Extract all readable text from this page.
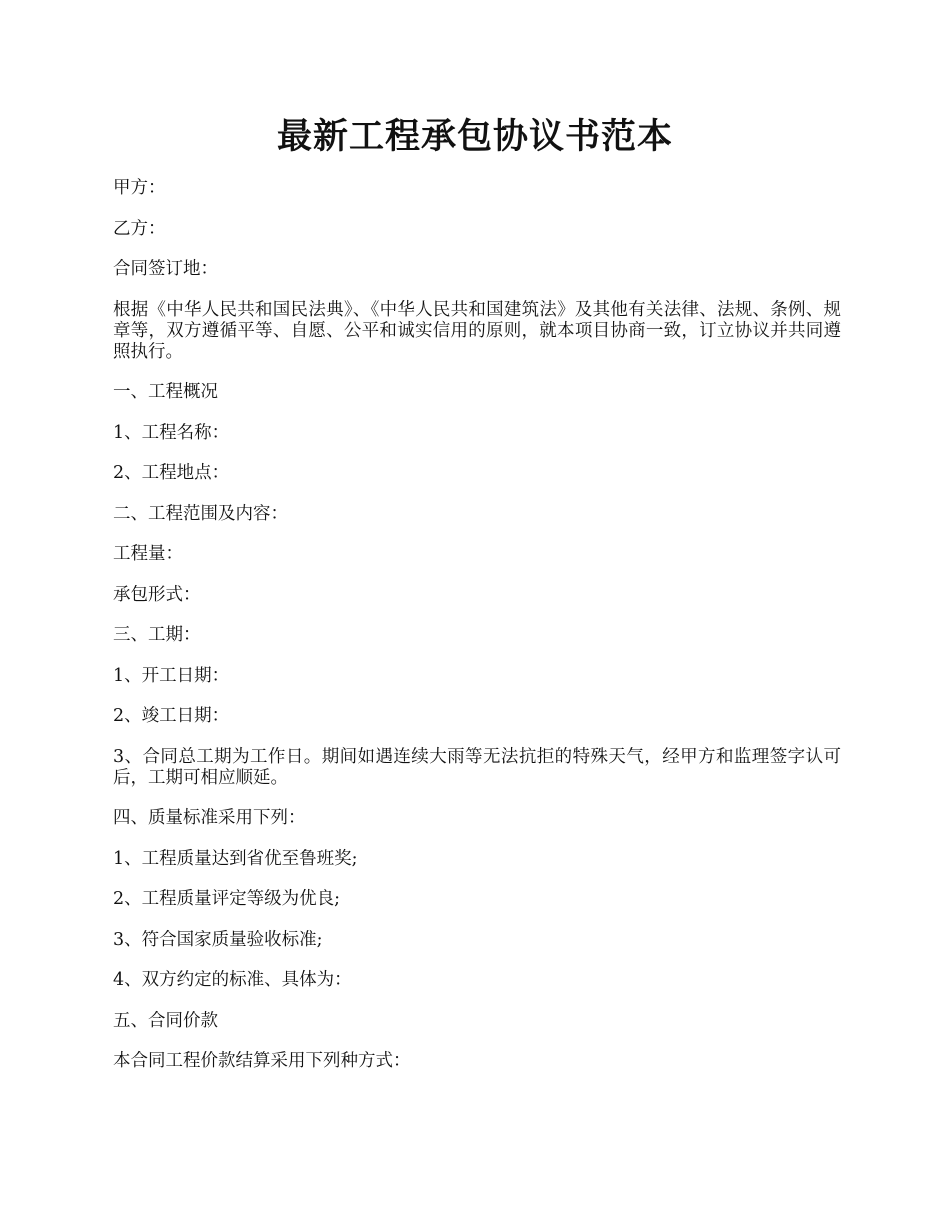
最新工程承包协议书范本

甲方：

乙方：

合同签订地：

根据《中华人民共和国民法典》、《中华人民共和国建筑法》及其他有关法律、法规、条例、规章等，双方遵循平等、自愿、公平和诚实信用的原则，就本项目协商一致，订立协议并共同遵照执行。

一、工程概况

1、工程名称：

2、工程地点：

二、工程范围及内容：

工程量：

承包形式：

三、工期：

1、开工日期：

2、竣工日期：

3、合同总工期为工作日。期间如遇连续大雨等无法抗拒的特殊天气，经甲方和监理签字认可后，工期可相应顺延。

四、质量标准采用下列：

1、工程质量达到省优至鲁班奖;

2、工程质量评定等级为优良;

3、符合国家质量验收标准;

4、双方约定的标准、具体为：

五、合同价款

本合同工程价款结算采用下列种方式：
